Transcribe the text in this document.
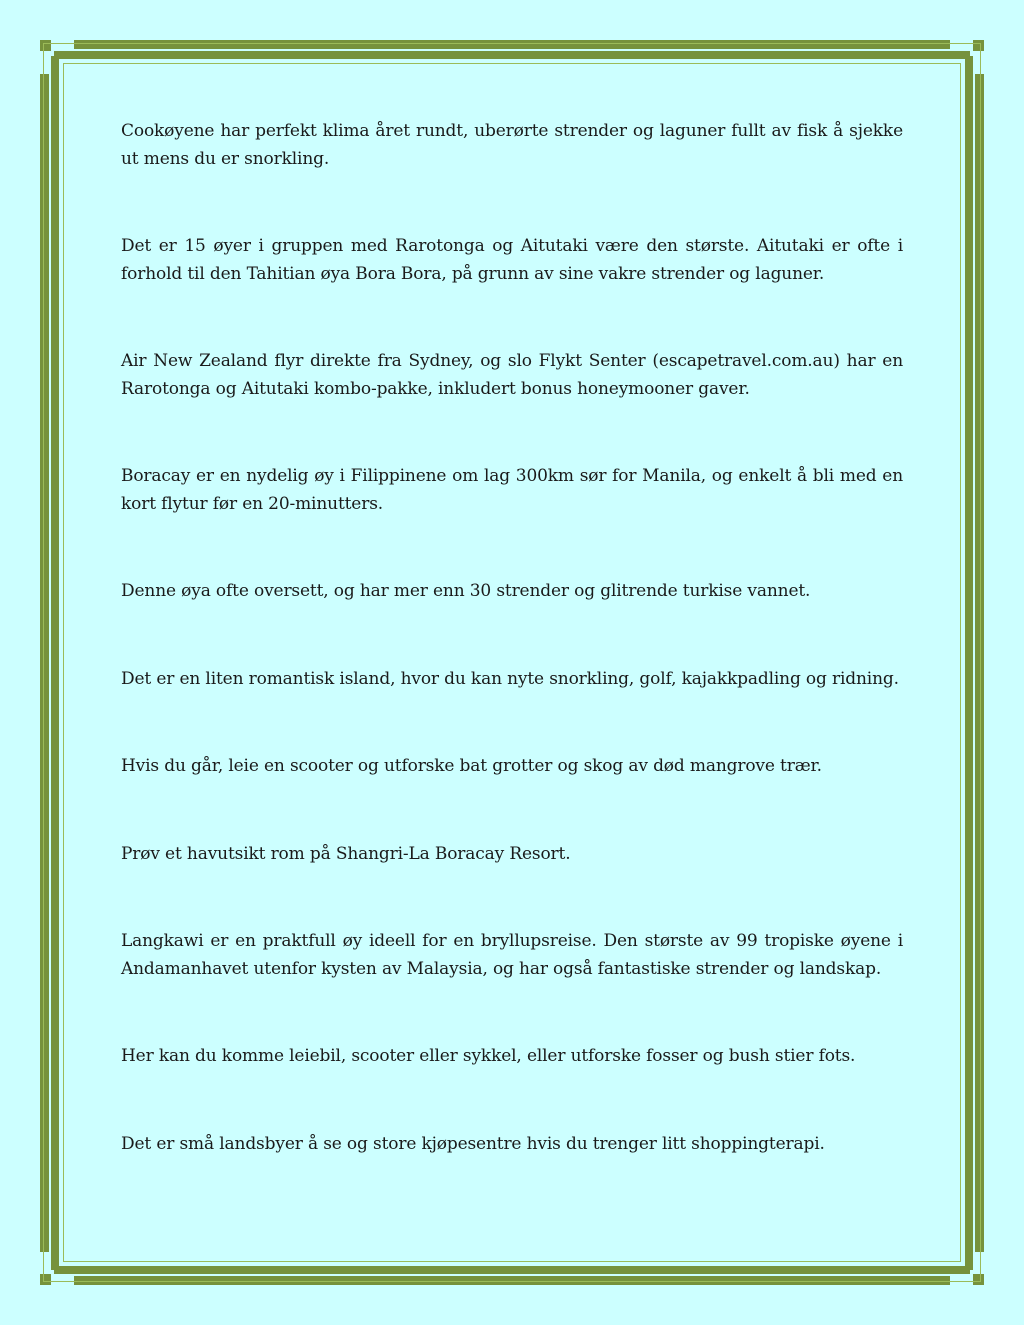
Cookøyene har perfekt klima året rundt, uberørte strender og laguner fullt av fisk å sjekke ut mens du er snorkling.

Det er 15 øyer i gruppen med Rarotonga og Aitutaki være den største. Aitutaki er ofte i forhold til den Tahitian øya Bora Bora, på grunn av sine vakre strender og laguner.

Air New Zealand flyr direkte fra Sydney, og slo Flykt Senter (escapetravel.com.au) har en Rarotonga og Aitutaki kombo-pakke, inkludert bonus honeymooner gaver.

Boracay er en nydelig øy i Filippinene om lag 300km sør for Manila, og enkelt å bli med en kort flytur før en 20-minutters.

Denne øya ofte oversett, og har mer enn 30 strender og glitrende turkise vannet.

Det er en liten romantisk island, hvor du kan nyte snorkling, golf, kajakkpadling og ridning.

Hvis du går, leie en scooter og utforske bat grotter og skog av død mangrove trær.

Prøv et havutsikt rom på Shangri-La Boracay Resort.

Langkawi er en praktfull øy ideell for en bryllupsreise. Den største av 99 tropiske øyene i Andamanhavet utenfor kysten av Malaysia, og har også fantastiske strender og landskap.

Her kan du komme leiebil, scooter eller sykkel, eller utforske fosser og bush stier fots.

Det er små landsbyer å se og store kjøpesentre hvis du trenger litt shoppingterapi.
